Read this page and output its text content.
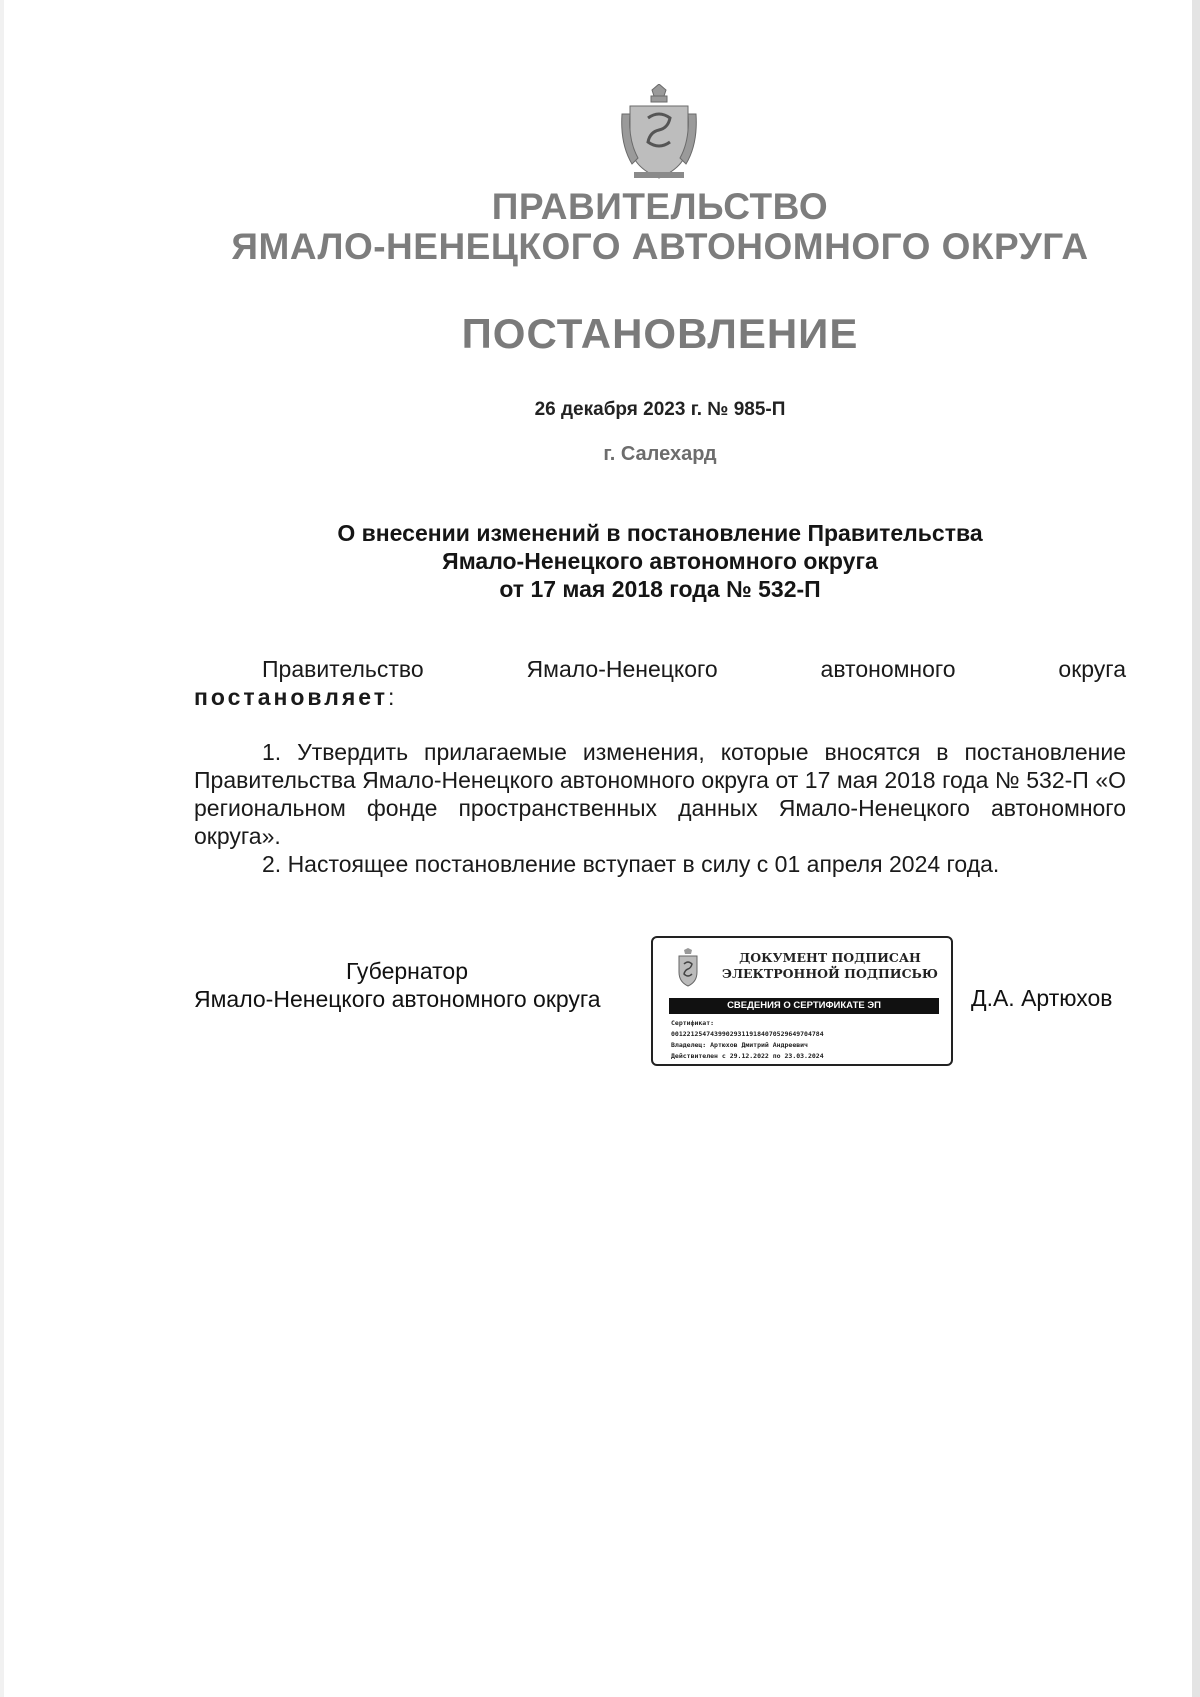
ПРАВИТЕЛЬСТВО
ЯМАЛО-НЕНЕЦКОГО АВТОНОМНОГО ОКРУГА
ПОСТАНОВЛЕНИЕ
26 декабря 2023 г. № 985-П
г. Салехард
О внесении изменений в постановление Правительства
Ямало-Ненецкого автономного округа
от 17 мая 2018 года № 532-П
Правительство	Ямало-Ненецкого	автономного	округа
постановляет:

1. Утвердить прилагаемые изменения, которые вносятся в постановление Правительства Ямало-Ненецкого автономного округа от 17 мая 2018 года № 532-П «О региональном фонде пространственных данных Ямало-Ненецкого автономного округа».

2. Настоящее постановление вступает в силу с 01 апреля 2024 года.

Губернатор
Ямало-Ненецкого автономного округа
ДОКУМЕНТ ПОДПИСАН
ЭЛЕКТРОННОЙ ПОДПИСЬЮ
СВЕДЕНИЯ О СЕРТИФИКАТЕ ЭП
Сертификат:
00122125474399029311918407052964970478​4
Владелец: Артюхов Дмитрий Андреевич
Действителен с 29.12.2022 по 23.03.2024
Д.А. Артюхов
